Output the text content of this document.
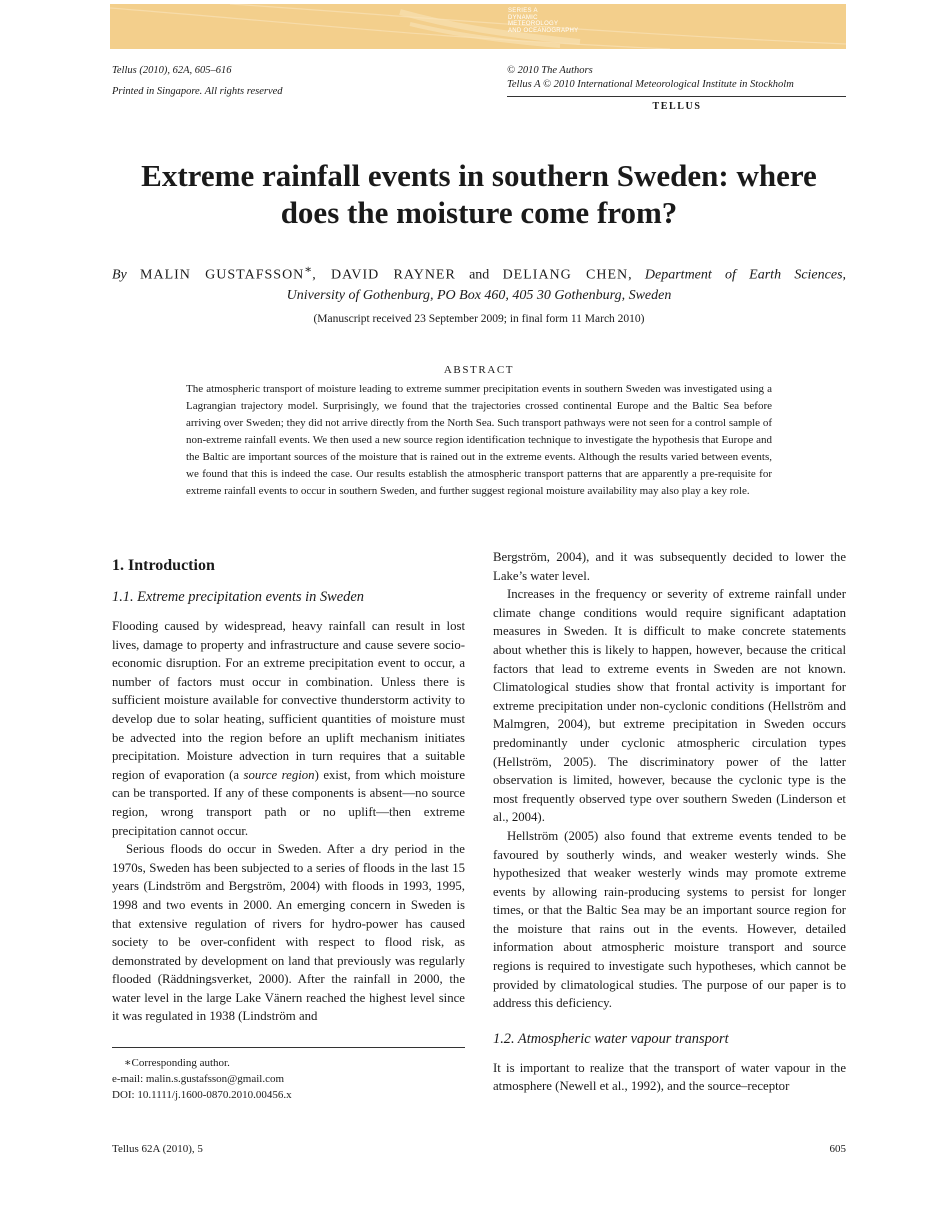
SERIES A
DYNAMIC
METEOROLOGY
AND OCEANOGRAPHY
Tellus (2010), 62A, 605–616
Printed in Singapore. All rights reserved
© 2010 The Authors
Tellus A © 2010 International Meteorological Institute in Stockholm
TELLUS
Extreme rainfall events in southern Sweden: where
does the moisture come from?
By MALIN GUSTAFSSON∗, DAVID RAYNER and DELIANG CHEN, Department of Earth Sciences,
University of Gothenburg, PO Box 460, 405 30 Gothenburg, Sweden
(Manuscript received 23 September 2009; in final form 11 March 2010)
ABSTRACT

The atmospheric transport of moisture leading to extreme summer precipitation events in southern Sweden was investigated using a Lagrangian trajectory model. Surprisingly, we found that the trajectories crossed continental Europe and the Baltic Sea before arriving over Sweden; they did not arrive directly from the North Sea. Such transport pathways were not seen for a control sample of non-extreme rainfall events. We then used a new source region identification technique to investigate the hypothesis that Europe and the Baltic are important sources of the moisture that is rained out in the extreme events. Although the results varied between events, we found that this is indeed the case. Our results establish the atmospheric transport patterns that are apparently a pre-requisite for extreme rainfall events to occur in southern Sweden, and further suggest regional moisture availability may also play a key role.

1. Introduction
1.1. Extreme precipitation events in Sweden

Flooding caused by widespread, heavy rainfall can result in lost lives, damage to property and infrastructure and cause severe socio-economic disruption. For an extreme precipitation event to occur, a number of factors must occur in combination. Unless there is sufficient moisture available for convective thunderstorm activity to develop due to solar heating, sufficient quantities of moisture must be advected into the region before an uplift mechanism initiates precipitation. Moisture advection in turn requires that a suitable region of evaporation (a source region) exist, from which moisture can be transported. If any of these components is absent—no source region, wrong transport path or no uplift—then extreme precipitation cannot occur.

Serious floods do occur in Sweden. After a dry period in the 1970s, Sweden has been subjected to a series of floods in the last 15 years (Lindström and Bergström, 2004) with floods in 1993, 1995, 1998 and two events in 2000. An emerging concern in Sweden is that extensive regulation of rivers for hydro-power has caused society to be over-confident with respect to flood risk, as demonstrated by development on land that previously was regularly flooded (Räddningsverket, 2000). After the rainfall in 2000, the water level in the large Lake Vänern reached the highest level since it was regulated in 1938 (Lindström and

∗Corresponding author.
e-mail: malin.s.gustafsson@gmail.com
DOI: 10.1111/j.1600-0870.2010.00456.x

Bergström, 2004), and it was subsequently decided to lower the Lake’s water level.

Increases in the frequency or severity of extreme rainfall under climate change conditions would require significant adaptation measures in Sweden. It is difficult to make concrete statements about whether this is likely to happen, however, because the critical factors that lead to extreme events in Sweden are not known. Climatological studies show that frontal activity is important for extreme precipitation under non-cyclonic conditions (Hellström and Malmgren, 2004), but extreme precipitation in Sweden occurs predominantly under cyclonic atmospheric circulation types (Hellström, 2005). The discriminatory power of the latter observation is limited, however, because the cyclonic type is the most frequently observed type over southern Sweden (Linderson et al., 2004).

Hellström (2005) also found that extreme events tended to be favoured by southerly winds, and weaker westerly winds. She hypothesized that weaker westerly winds may promote extreme events by allowing rain-producing systems to persist for longer times, or that the Baltic Sea may be an important source region for the moisture that rains out in the events. However, detailed information about atmospheric moisture transport and source regions is required to investigate such hypotheses, which cannot be provided by climatological studies. The purpose of our paper is to address this deficiency.

1.2. Atmospheric water vapour transport

It is important to realize that the transport of water vapour in the atmosphere (Newell et al., 1992), and the source–receptor

Tellus 62A (2010), 5	605
